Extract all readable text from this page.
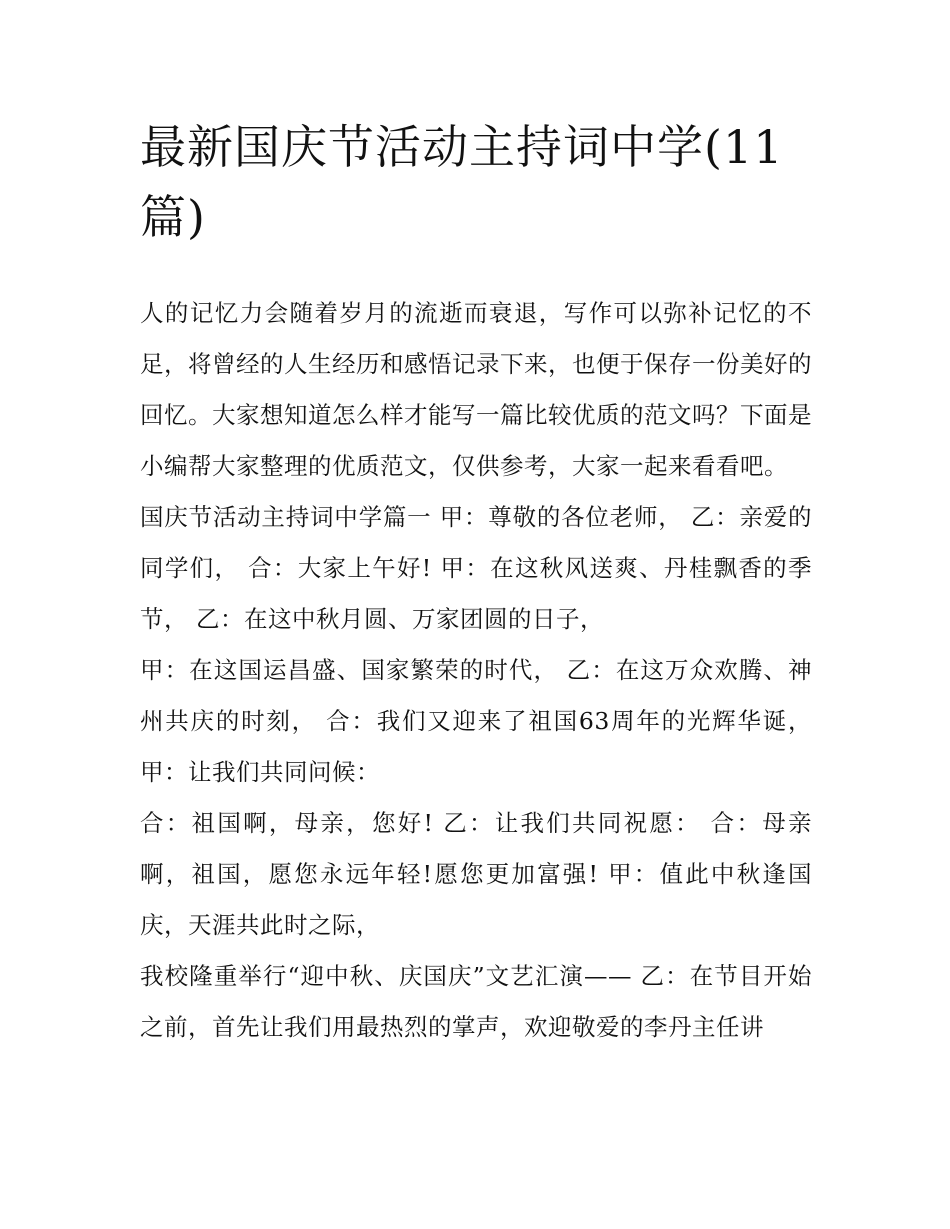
最新国庆节活动主持词中学(11篇)

人的记忆力会随着岁月的流逝而衰退，写作可以弥补记忆的不足，将曾经的人生经历和感悟记录下来，也便于保存一份美好的回忆。大家想知道怎么样才能写一篇比较优质的范文吗？下面是小编帮大家整理的优质范文，仅供参考，大家一起来看看吧。

国庆节活动主持词中学篇一 甲：尊敬的各位老师， 乙：亲爱的同学们， 合：大家上午好! 甲：在这秋风送爽、丹桂飘香的季节， 乙：在这中秋月圆、万家团圆的日子，

甲：在这国运昌盛、国家繁荣的时代， 乙：在这万众欢腾、神州共庆的时刻， 合：我们又迎来了祖国63周年的光辉华诞， 甲：让我们共同问候：

合：祖国啊，母亲，您好! 乙：让我们共同祝愿： 合：母亲啊，祖国，愿您永远年轻!愿您更加富强! 甲：值此中秋逢国庆，天涯共此时之际，

我校隆重举行“迎中秋、庆国庆”文艺汇演—— 乙：在节目开始之前，首先让我们用最热烈的掌声，欢迎敬爱的李丹主任讲
